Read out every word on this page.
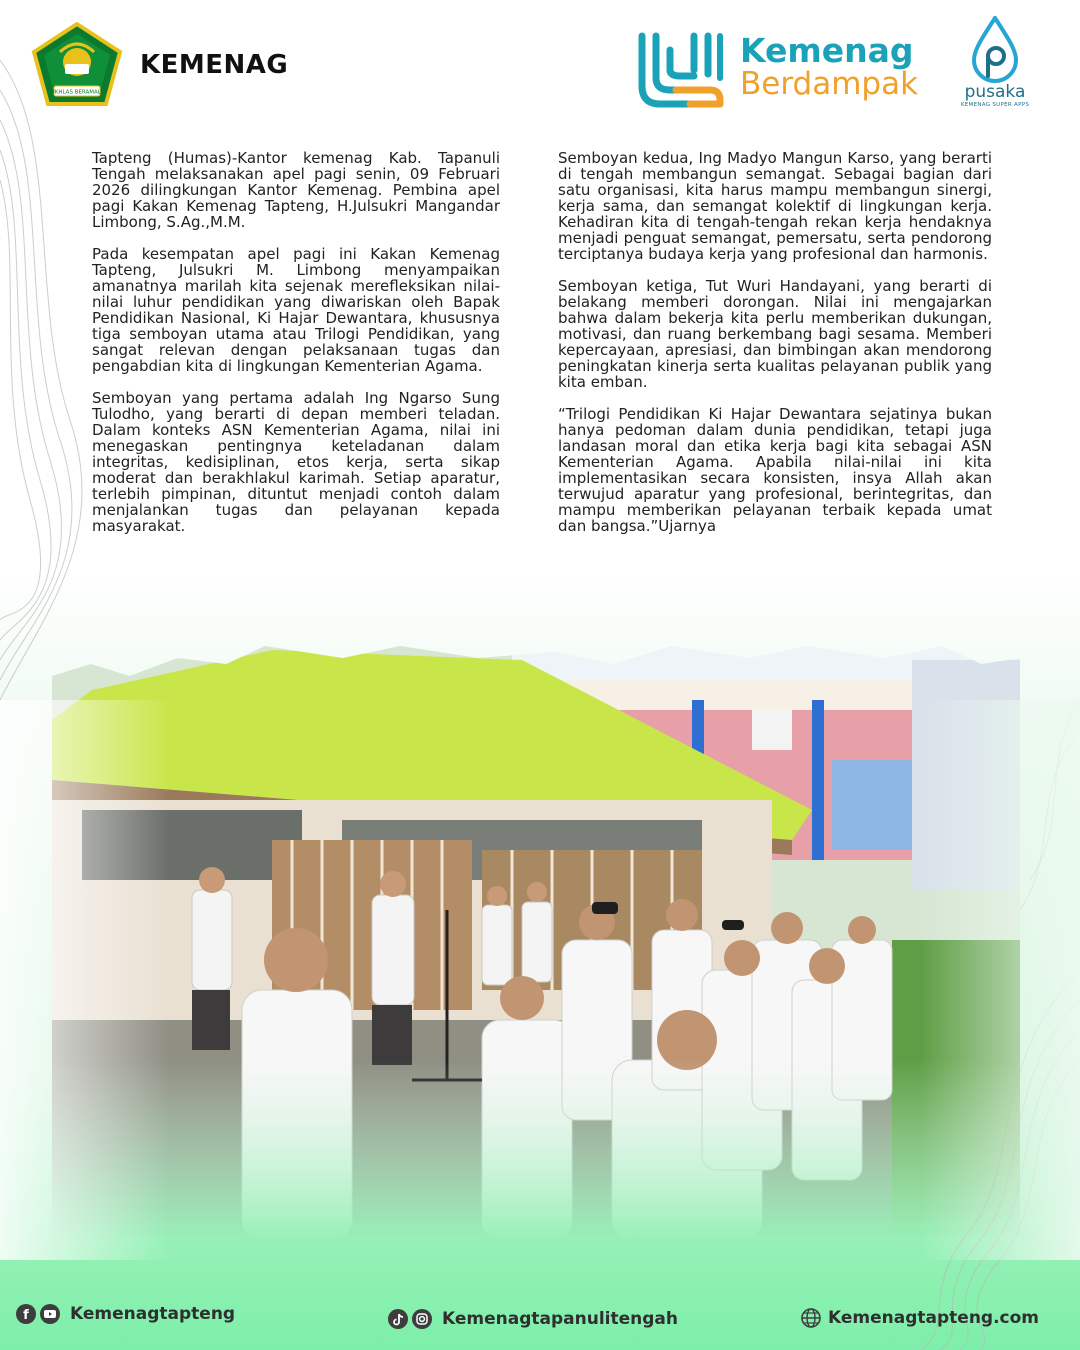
IKHLAS BERAMAL
KEMENAG	Kemenag
Berdampak	pusaka
KEMENAG SUPER APPS

Tapteng (Humas)-Kantor kemenag Kab. Tapanuli Tengah melaksanakan apel pagi senin, 09 Februari 2026 dilingkungan Kantor Kemenag. Pembina apel pagi Kakan Kemenag Tapteng, H.Julsukri Mangandar Limbong, S.Ag.,M.M.

Pada kesempatan apel pagi ini Kakan Kemenag Tapteng, Julsukri M. Limbong menyampaikan amanatnya marilah kita sejenak merefleksikan nilai-nilai luhur pendidikan yang diwariskan oleh Bapak Pendidikan Nasional, Ki Hajar Dewantara, khususnya tiga semboyan utama atau Trilogi Pendidikan, yang sangat relevan dengan pelaksanaan tugas dan pengabdian kita di lingkungan Kementerian Agama.

Semboyan yang pertama adalah Ing Ngarso Sung Tulodho, yang berarti di depan memberi teladan. Dalam konteks ASN Kementerian Agama, nilai ini menegaskan pentingnya keteladanan dalam integritas, kedisiplinan, etos kerja, serta sikap moderat dan berakhlakul karimah. Setiap aparatur, terlebih pimpinan, dituntut menjadi contoh dalam menjalankan tugas dan pelayanan kepada masyarakat.

Semboyan kedua, Ing Madyo Mangun Karso, yang berarti di tengah membangun semangat. Sebagai bagian dari satu organisasi, kita harus mampu membangun sinergi, kerja sama, dan semangat kolektif di lingkungan kerja. Kehadiran kita di tengah-tengah rekan kerja hendaknya menjadi penguat semangat, pemersatu, serta pendorong terciptanya budaya kerja yang profesional dan harmonis.

Semboyan ketiga, Tut Wuri Handayani, yang berarti di belakang memberi dorongan. Nilai ini mengajarkan bahwa dalam bekerja kita perlu memberikan dukungan, motivasi, dan ruang berkembang bagi sesama. Memberi kepercayaan, apresiasi, dan bimbingan akan mendorong peningkatan kinerja serta kualitas pelayanan publik yang kita emban.

“Trilogi Pendidikan Ki Hajar Dewantara sejatinya bukan hanya pedoman dalam dunia pendidikan, tetapi juga landasan moral dan etika kerja bagi kita sebagai ASN Kementerian Agama. Apabila nilai-nilai ini kita implementasikan secara konsisten, insya Allah akan terwujud aparatur yang profesional, berintegritas, dan mampu memberikan pelayanan terbaik kepada umat dan bangsa.”Ujarnya

f Kemenagtapteng	Kemenagtapanulitengah	Kemenagtapteng.com
